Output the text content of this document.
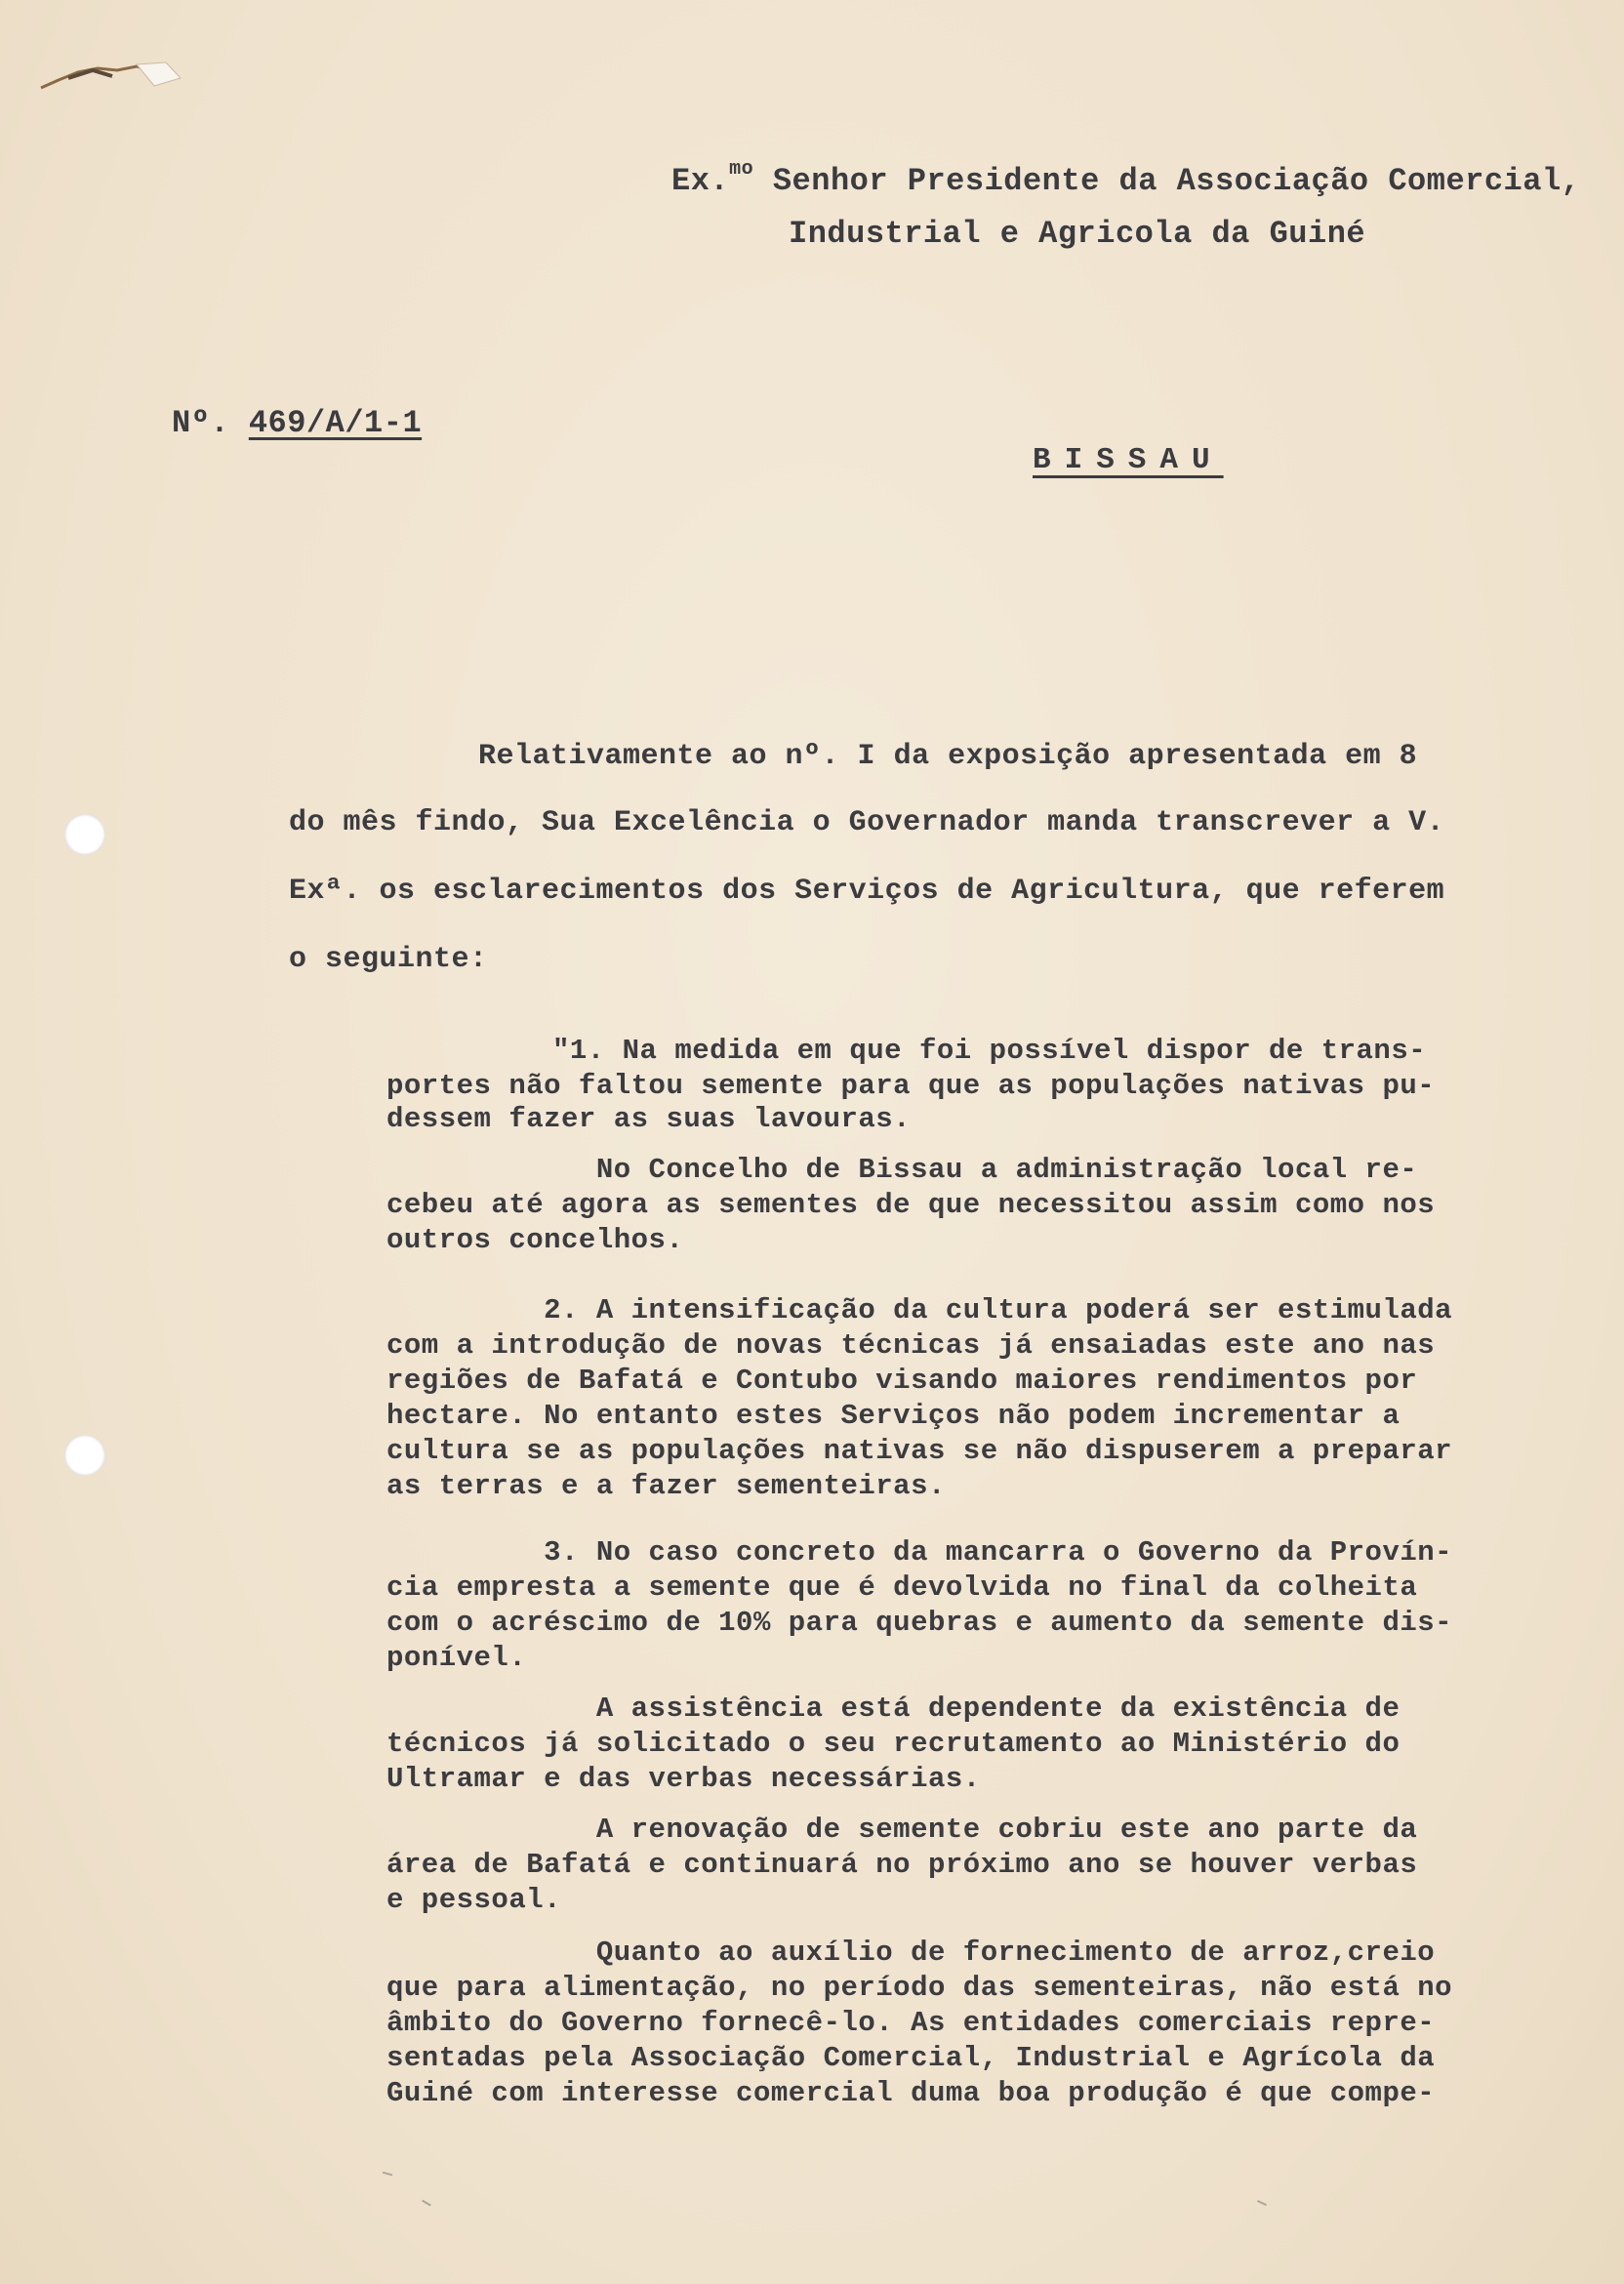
Ex.$^{mo}$ Senhor Presidente da Associação Comercial,
Industrial e Agricola da Guiné
Nº. 469/A/1-1
BISSAU
Relativamente ao nº. I da exposição apresentada em 8
do mês findo, Sua Excelência o Governador manda transcrever a V.
Exª. os esclarecimentos dos Serviços de Agricultura, que referem
o seguinte:
"1. Na medida em que foi possível dispor de trans-
portes não faltou semente para que as populações nativas pu-
dessem fazer as suas lavouras.
No Concelho de Bissau a administração local re-
cebeu até agora as sementes de que necessitou assim como nos
outros concelhos.
2. A intensificação da cultura poderá ser estimulada
com a introdução de novas técnicas já ensaiadas este ano nas
regiões de Bafatá e Contubo visando maiores rendimentos por
hectare. No entanto estes Serviços não podem incrementar a
cultura se as populações nativas se não dispuserem a preparar
as terras e a fazer sementeiras.
3. No caso concreto da mancarra o Governo da Provín-
cia empresta a semente que é devolvida no final da colheita
com o acréscimo de 10% para quebras e aumento da semente dis-
ponível.
A assistência está dependente da existência de
técnicos já solicitado o seu recrutamento ao Ministério do
Ultramar e das verbas necessárias.
A renovação de semente cobriu este ano parte da
área de Bafatá e continuará no próximo ano se houver verbas
e pessoal.
Quanto ao auxílio de fornecimento de arroz,creio
que para alimentação, no período das sementeiras, não está no
âmbito do Governo fornecê-lo. As entidades comerciais repre-
sentadas pela Associação Comercial, Industrial e Agrícola da
Guiné com interesse comercial duma boa produção é que compe-
